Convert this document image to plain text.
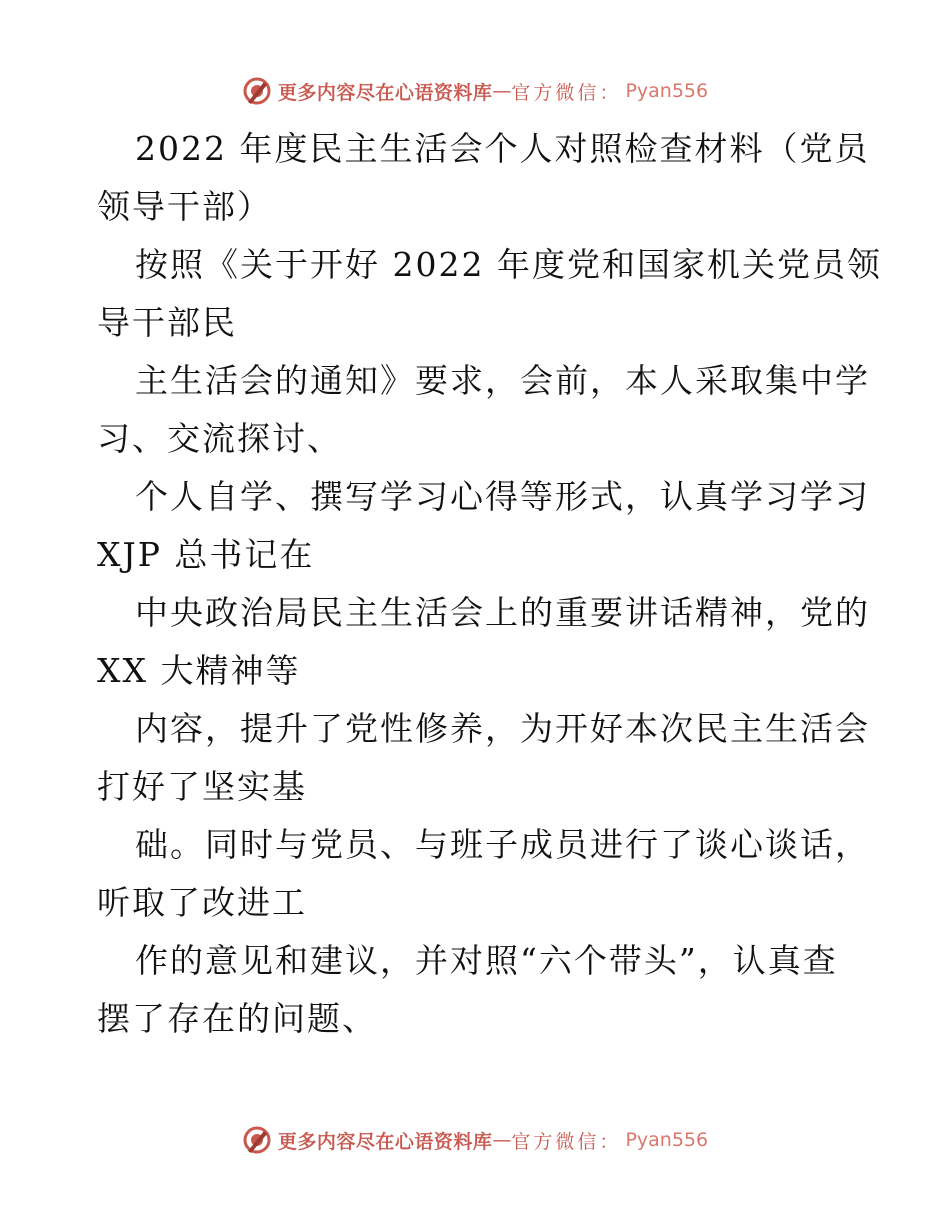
更多内容尽在心语资料库 — 官方微信： Pyan556
2022 年度民主生活会个人对照检查材料（党员
领导干部）
按照《关于开好 2022 年度党和国家机关党员领
导干部民
主生活会的通知》要求，会前，本人采取集中学
习、交流探讨、
个人自学、撰写学习心得等形式，认真学习学习
XJP 总书记在
中央政治局民主生活会上的重要讲话精神，党的
XX 大精神等
内容，提升了党性修养，为开好本次民主生活会
打好了坚实基
础。同时与党员、与班子成员进行了谈心谈话，
听取了改进工
作的意见和建议，并对照“六个带头”，认真查
摆了存在的问题、
更多内容尽在心语资料库 — 官方微信： Pyan556
